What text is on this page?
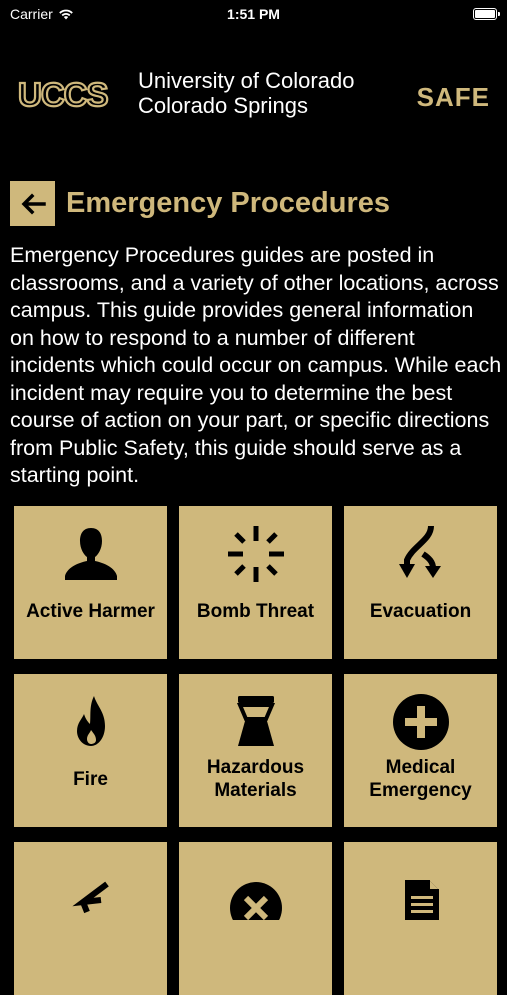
Carrier	1:51 PM
UCCS University of Colorado
Colorado Springs	SAFE
Emergency Procedures
Emergency Procedures guides are posted in classrooms, and a variety of other locations, across campus. This guide provides general information on how to respond to a number of different incidents which could occur on campus. While each incident may require you to determine the best course of action on your part, or specific directions from Public Safety, this guide should serve as a starting point.
Active Harmer	Bomb Threat	Evacuation
Fire
Hazardous
Materials
Medical
Emergency
